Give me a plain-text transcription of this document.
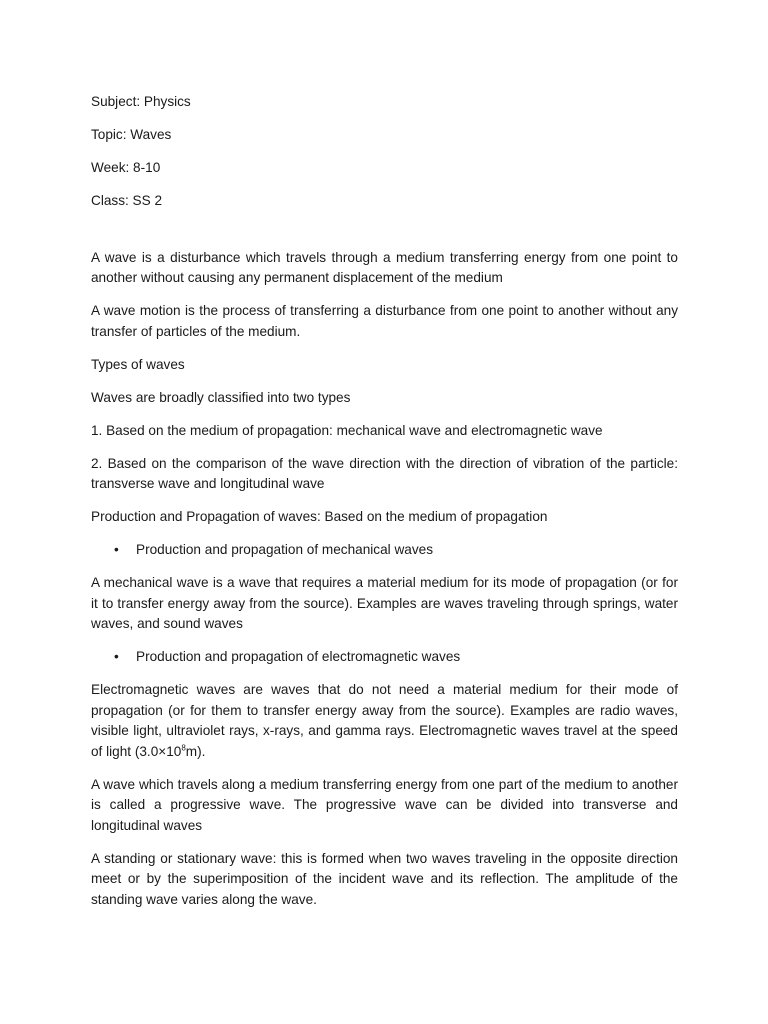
Subject: Physics

Topic: Waves

Week: 8-10

Class: SS 2

A wave is a disturbance which travels through a medium transferring energy from one point to another without causing any permanent displacement of the medium

A wave motion is the process of transferring a disturbance from one point to another without any transfer of particles of the medium.

Types of waves

Waves are broadly classified into two types

1. Based on the medium of propagation: mechanical wave and electromagnetic wave

2. Based on the comparison of the wave direction with the direction of vibration of the particle: transverse wave and longitudinal wave

Production and Propagation of waves: Based on the medium of propagation

• Production and propagation of mechanical waves

A mechanical wave is a wave that requires a material medium for its mode of propagation (or for it to transfer energy away from the source). Examples are waves traveling through springs, water waves, and sound waves

• Production and propagation of electromagnetic waves

Electromagnetic waves are waves that do not need a material medium for their mode of propagation (or for them to transfer energy away from the source). Examples are radio waves, visible light, ultraviolet rays, x-rays, and gamma rays. Electromagnetic waves travel at the speed of light $(3.0\times 10^8m)$.

A wave which travels along a medium transferring energy from one part of the medium to another is called a progressive wave. The progressive wave can be divided into transverse and longitudinal waves

A standing or stationary wave: this is formed when two waves traveling in the opposite direction meet or by the superimposition of the incident wave and its reflection. The amplitude of the standing wave varies along the wave.
